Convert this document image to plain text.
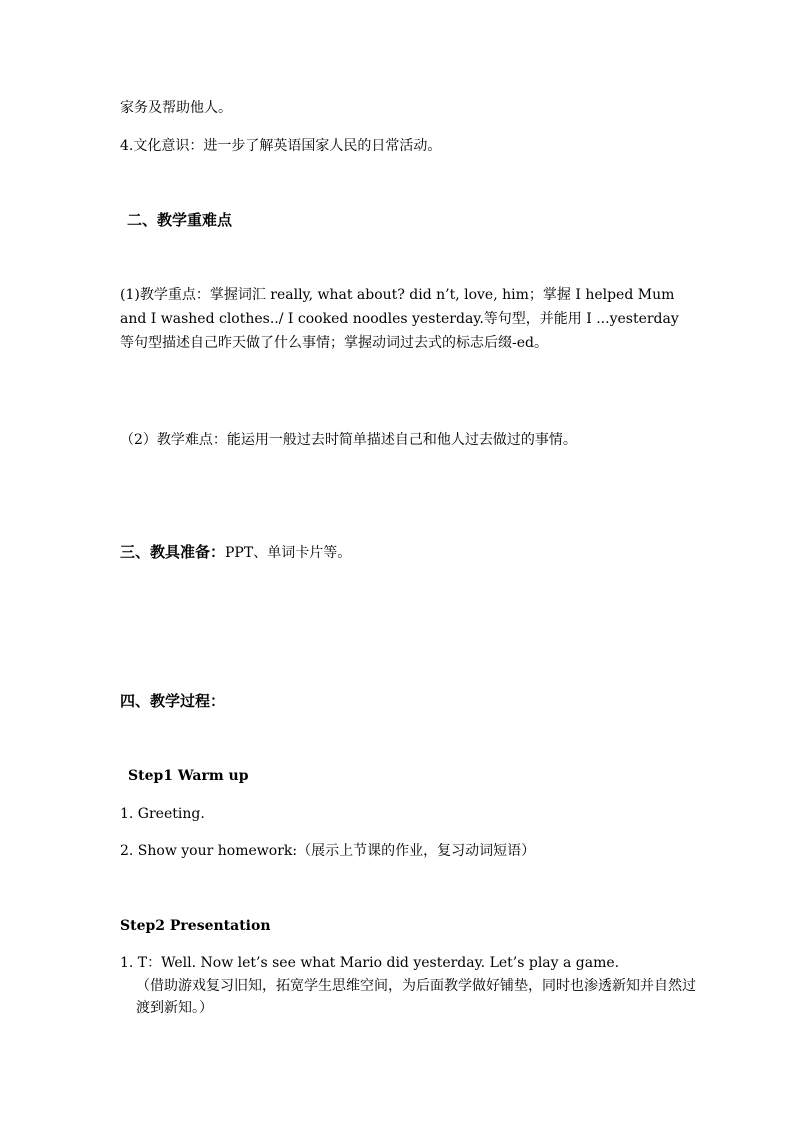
家务及帮助他人。
4.文化意识：进一步了解英语国家人民的日常活动。
二、教学重难点
(1)教学重点：掌握词汇 really, what about? did n’t, love, him；掌握 I helped Mum and I washed clothes../ I cooked noodles yesterday.等句型，并能用 I ...yesterday 等句型描述自己昨天做了什么事情；掌握动词过去式的标志后缀-ed。
（2）教学难点：能运用一般过去时简单描述自己和他人过去做过的事情。
三、教具准备：PPT、单词卡片等。
四、教学过程：
Step1 Warm up
1. Greeting.
2. Show your homework:（展示上节课的作业，复习动词短语）
Step2 Presentation
1. T：Well. Now let’s see what Mario did yesterday. Let’s play a game.
（借助游戏复习旧知，拓宽学生思维空间，为后面教学做好铺垫，同时也渗透新知并自然过渡到新知。）
